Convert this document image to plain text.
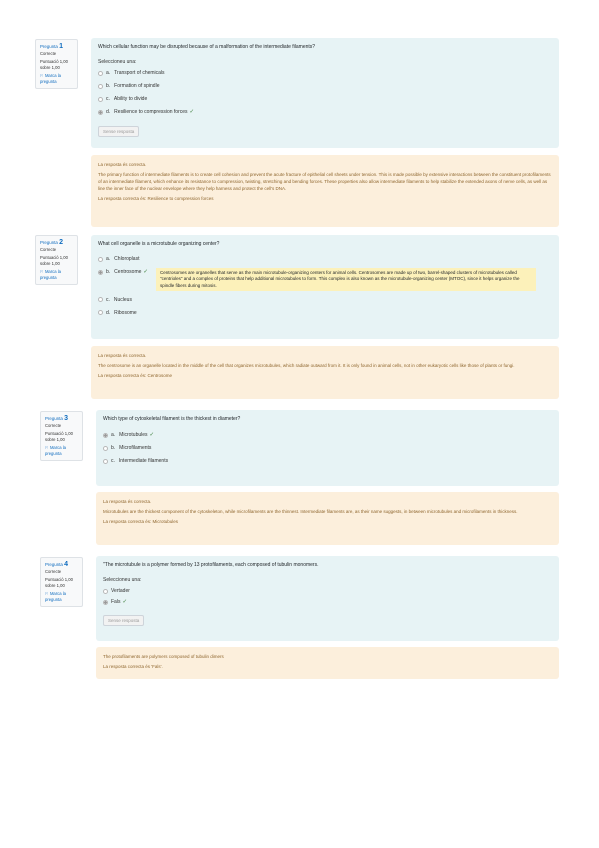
Pregunta 1
Correcte
Puntuació 1,00 sobre 1,00
⚐ Marca la pregunta
Which cellular function may be disrupted because of a malformation of the intermediate filaments?
Seleccioneu una:
a. Transport of chemicals
b. Formation of spindle
c. Ability to divide
d. Resilience to compression forces ✓
Sense resposta
La resposta és correcta.
The primary function of intermediate filaments is to create cell cohesion and prevent the acute fracture of epithelial cell sheets under tension. This is made possible by extensive interactions between the constituent protofilaments of an intermediate filament, which enhance its resistance to compression, twisting, stretching and bending forces. These properties also allow intermediate filaments to help stabilize the extended axons of nerve cells, as well as line the inner face of the nuclear envelope where they help harness and protect the cell's DNA.
La resposta correcta és: Resilience to compression forces
Pregunta 2
Correcte
Puntuació 1,00 sobre 1,00
⚐ Marca la pregunta
What cell organelle is a microtubule organizing center?
a. Chloroplast
b. Centrosome ✓	Centrosomes are organelles that serve as the main microtubule-organizing centers for animal cells. Centrosomes are made up of two, barrel-shaped clusters of microtubules called "centrioles" and a complex of proteins that help additional microtubules to form. This complex is also known as the microtubule-organizing center (MTOC), since it helps organize the spindle fibers during mitosis.
c. Nucleus
d. Ribosome
La resposta és correcta.
The centrosome is an organelle located in the middle of the cell that organizes microtubules, which radiate outward from it. It is only found in animal cells, not in other eukaryotic cells like those of plants or fungi.
La resposta correcta és: Centrosome
Pregunta 3
Correcte
Puntuació 1,00 sobre 1,00
⚐ Marca la pregunta
Which type of cytoskeletal filament is the thickest in diameter?
a. Microtubules ✓
b. Microfilaments
c. Intermediate filaments
La resposta és correcta.
Microtubules are the thickest component of the cytoskeleton, while microfilaments are the thinnest. Intermediate filaments are, as their name suggests, in between microtubules and microfilaments in thickness.
La resposta correcta és: Microtubules
Pregunta 4
Correcte
Puntuació 1,00 sobre 1,00
⚐ Marca la pregunta
"The microtubule is a polymer formed by 13 protofilaments, each composed of tubulin monomers.
Seleccioneu una:
Vertader
Fals ✓
Sense resposta
The protofilaments are polymers composed of tubulin dimers
La resposta correcta és 'Fals'.
